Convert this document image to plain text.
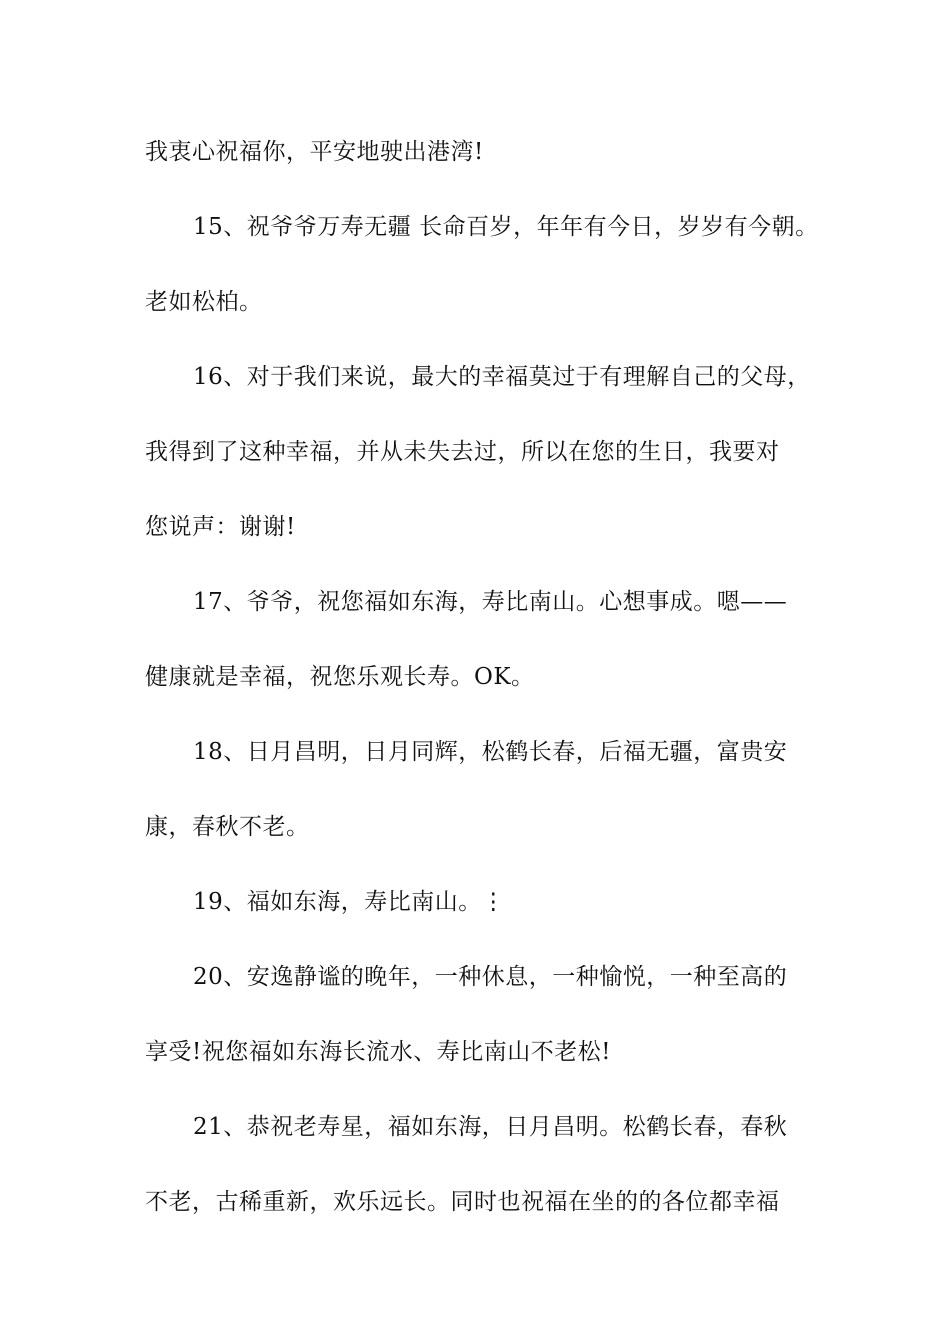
我衷心祝福你，平安地驶出港湾!
15、祝爷爷万寿无疆 长命百岁，年年有今日，岁岁有今朝。
老如松柏。
16、对于我们来说，最大的幸福莫过于有理解自己的父母，
我得到了这种幸福，并从未失去过，所以在您的生日，我要对
您说声：谢谢!
17、爷爷，祝您福如东海，寿比南山。心想事成。嗯——
健康就是幸福，祝您乐观长寿。OK。
18、日月昌明，日月同辉，松鹤长春，后福无疆，富贵安
康，春秋不老。
19、福如东海，寿比南山。⋮
20、安逸静谧的晚年，一种休息，一种愉悦，一种至高的
享受!祝您福如东海长流水、寿比南山不老松!
21、恭祝老寿星，福如东海，日月昌明。松鹤长春，春秋
不老，古稀重新，欢乐远长。同时也祝福在坐的的各位都幸福
